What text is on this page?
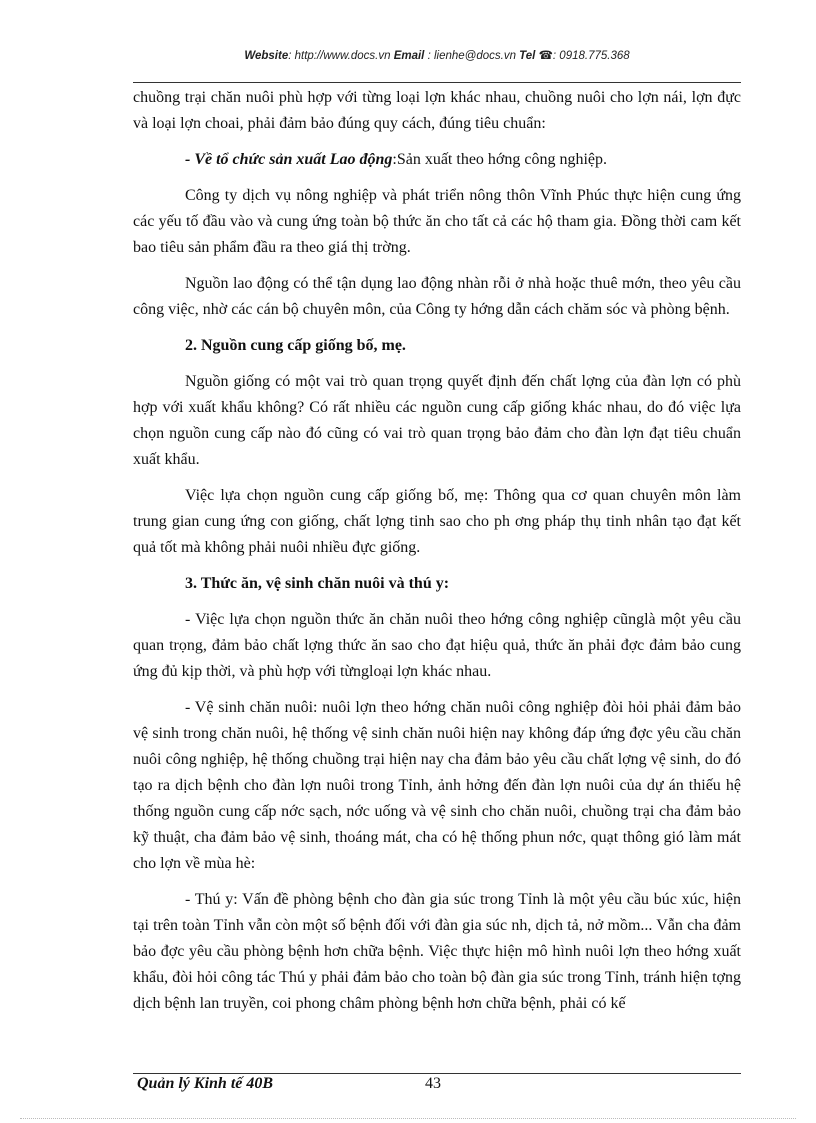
Website: http://www.docs.vn Email : lienhe@docs.vn Tel ☎: 0918.775.368

chuồng trại chăn nuôi phù hợp với từng loại lợn khác nhau, chuồng nuôi cho lợn nái, lợn đực và loại lợn choai, phải đảm bảo đúng quy cách, đúng tiêu chuẩn:

- Về tổ chức sản xuất Lao động:Sản xuất theo hớng công nghiệp.

Công ty dịch vụ nông nghiệp và phát triển nông thôn Vĩnh Phúc thực hiện cung ứng các yếu tố đầu vào và cung ứng toàn bộ thức ăn cho tất cả các hộ tham gia. Đồng thời cam kết bao tiêu sản phẩm đầu ra theo giá thị trờng.

Nguồn lao động có thể tận dụng lao động nhàn rỗi ở nhà hoặc thuê mớn, theo yêu cầu công việc, nhờ các cán bộ chuyên môn, của Công ty hớng dẫn cách chăm sóc và phòng bệnh.

2. Nguồn cung cấp giống bố, mẹ.

Nguồn giống có một vai trò quan trọng quyết định đến chất lợng của đàn lợn có phù hợp với xuất khẩu không? Có rất nhiều các nguồn cung cấp giống khác nhau, do đó việc lựa chọn nguồn cung cấp nào đó cũng có vai trò quan trọng bảo đảm cho đàn lợn đạt tiêu chuẩn xuất khẩu.

Việc lựa chọn nguồn cung cấp giống bố, mẹ: Thông qua cơ quan chuyên môn làm trung gian cung ứng con giống, chất lợng tinh sao cho ph ơng pháp thụ tinh nhân tạo đạt kết quả tốt mà không phải nuôi nhiều đực giống.

3. Thức ăn, vệ sinh chăn nuôi và thú y:

- Việc lựa chọn nguồn thức ăn chăn nuôi theo hớng công nghiệp cũnglà một yêu cầu quan trọng, đảm bảo chất lợng thức ăn sao cho đạt hiệu quả, thức ăn phải đợc đảm bảo cung ứng đủ kịp thời, và phù hợp với từngloại lợn khác nhau.

- Vệ sinh chăn nuôi: nuôi lợn theo hớng chăn nuôi công nghiệp đòi hỏi phải đảm bảo vệ sinh trong chăn nuôi, hệ thống vệ sinh chăn nuôi hiện nay không đáp ứng đợc yêu cầu chăn nuôi công nghiệp, hệ thống chuồng trại hiện nay cha đảm bảo yêu cầu chất lợng vệ sinh, do đó tạo ra dịch bệnh cho đàn lợn nuôi trong Tỉnh, ảnh hởng đến đàn lợn nuôi của dự án thiếu hệ thống nguồn cung cấp nớc sạch, nớc uống và vệ sinh cho chăn nuôi, chuồng trại cha đảm bảo kỹ thuật, cha đảm bảo vệ sinh, thoáng mát, cha có hệ thống phun nớc, quạt thông gió làm mát cho lợn về mùa hè:

- Thú y: Vấn đề phòng bệnh cho đàn gia súc trong Tỉnh là một yêu cầu búc xúc, hiện tại trên toàn Tỉnh vẫn còn một số bệnh đối với đàn gia súc nh, dịch tả, nở mồm... Vẫn cha đảm bảo đợc yêu cầu phòng bệnh hơn chữa bệnh. Việc thực hiện mô hình nuôi lợn theo hớng xuất khẩu, đòi hỏi công tác Thú y phải đảm bảo cho toàn bộ đàn gia súc trong Tỉnh, tránh hiện tợng dịch bệnh lan truyền, coi phong châm phòng bệnh hơn chữa bệnh, phải có kế

Quản lý Kinh tế 40B	43
